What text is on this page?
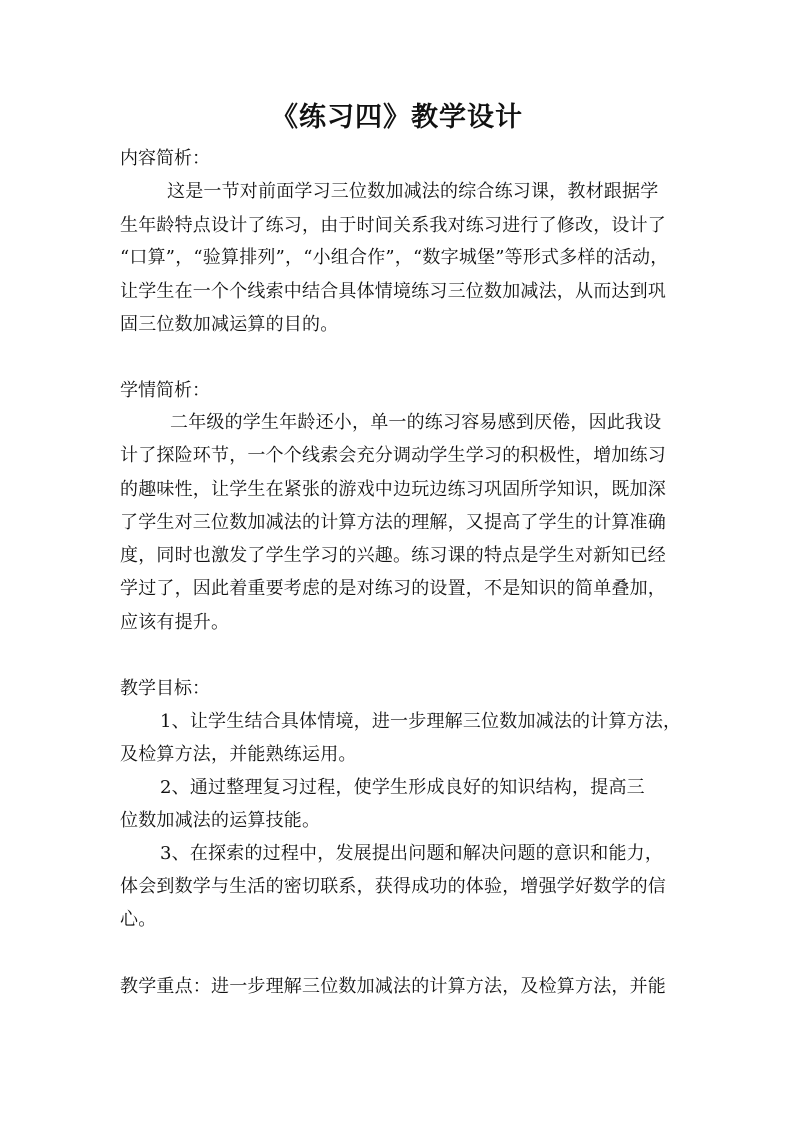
《练习四》教学设计
内容简析：
这是一节对前面学习三位数加减法的综合练习课，教材跟据学
生年龄特点设计了练习，由于时间关系我对练习进行了修改，设计了
“口算”，“验算排列”，“小组合作”，“数字城堡”等形式多样的活动，
让学生在一个个线索中结合具体情境练习三位数加减法，从而达到巩
固三位数加减运算的目的。
学情简析：
二年级的学生年龄还小，单一的练习容易感到厌倦，因此我设
计了探险环节，一个个线索会充分调动学生学习的积极性，增加练习
的趣味性，让学生在紧张的游戏中边玩边练习巩固所学知识，既加深
了学生对三位数加减法的计算方法的理解，又提高了学生的计算准确
度，同时也激发了学生学习的兴趣。练习课的特点是学生对新知已经
学过了，因此着重要考虑的是对练习的设置，不是知识的简单叠加，
应该有提升。
教学目标：
1、让学生结合具体情境，进一步理解三位数加减法的计算方法，
及检算方法，并能熟练运用。
2、通过整理复习过程，使学生形成良好的知识结构，提高三
位数加减法的运算技能。
3、在探索的过程中，发展提出问题和解决问题的意识和能力，
体会到数学与生活的密切联系，获得成功的体验，增强学好数学的信
心。
教学重点：进一步理解三位数加减法的计算方法，及检算方法，并能
